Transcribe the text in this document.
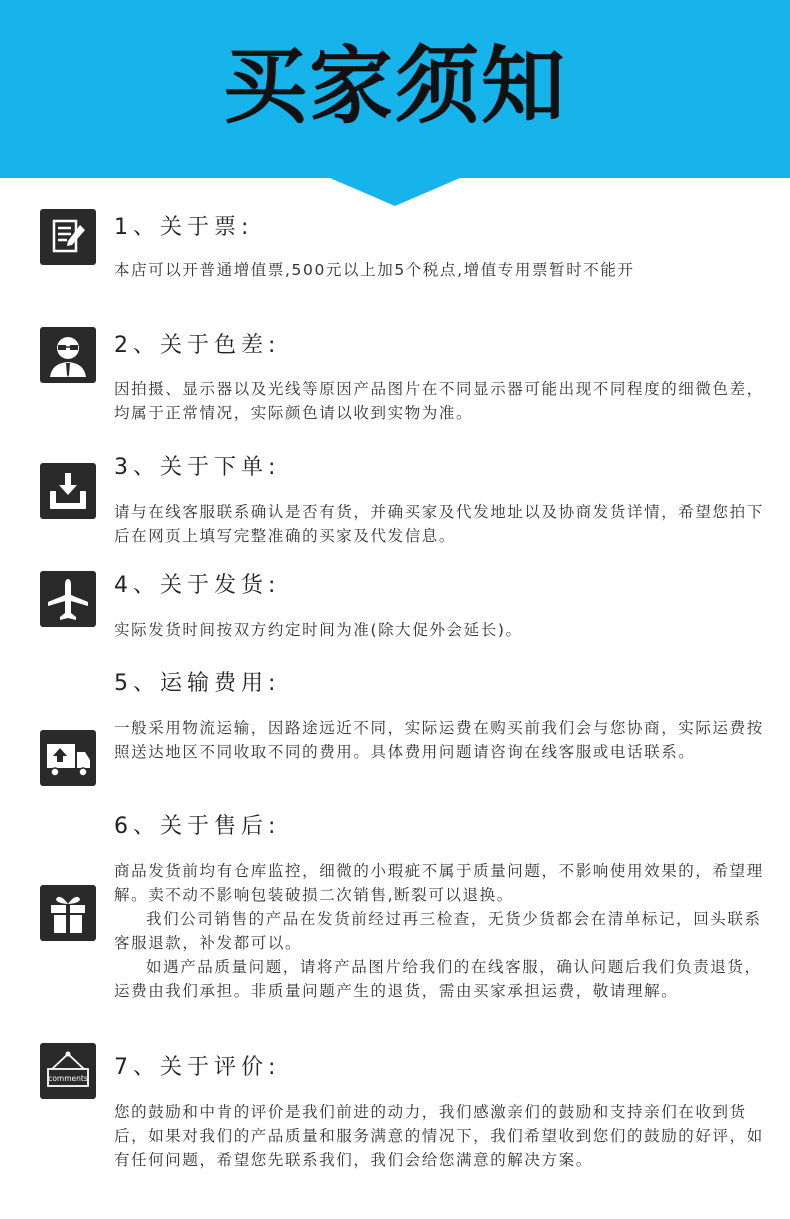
买家须知
1、关于票:

本店可以开普通增值票,500元以上加5个税点,增值专用票暂时不能开

2、关于色差:

因拍摄、显示器以及光线等原因产品图片在不同显示器可能出现不同程度的细微色差，均属于正常情况，实际颜色请以收到实物为准。

3、关于下单:

请与在线客服联系确认是否有货，并确买家及代发地址以及协商发货详情，希望您拍下后在网页上填写完整准确的买家及代发信息。

4、关于发货:

实际发货时间按双方约定时间为准(除大促外会延长)。

5、运输费用:

一般采用物流运输，因路途远近不同，实际运费在购买前我们会与您协商，实际运费按照送达地区不同收取不同的费用。具体费用问题请咨询在线客服或电话联系。

6、关于售后:

商品发货前均有仓库监控，细微的小瑕疵不属于质量问题，不影响使用效果的，希望理解。卖不动不影响包装破损二次销售,断裂可以退换。

我们公司销售的产品在发货前经过再三检查，无货少货都会在清单标记，回头联系客服退款，补发都可以。

如遇产品质量问题，请将产品图片给我们的在线客服，确认问题后我们负责退货，运费由我们承担。非质量问题产生的退货，需由买家承担运费，敬请理解。

comments 7、关于评价:

您的鼓励和中肯的评价是我们前进的动力，我们感激亲们的鼓励和支持亲们在收到货后，如果对我们的产品质量和服务满意的情况下，我们希望收到您们的鼓励的好评，如有任何问题，希望您先联系我们，我们会给您满意的解决方案。
